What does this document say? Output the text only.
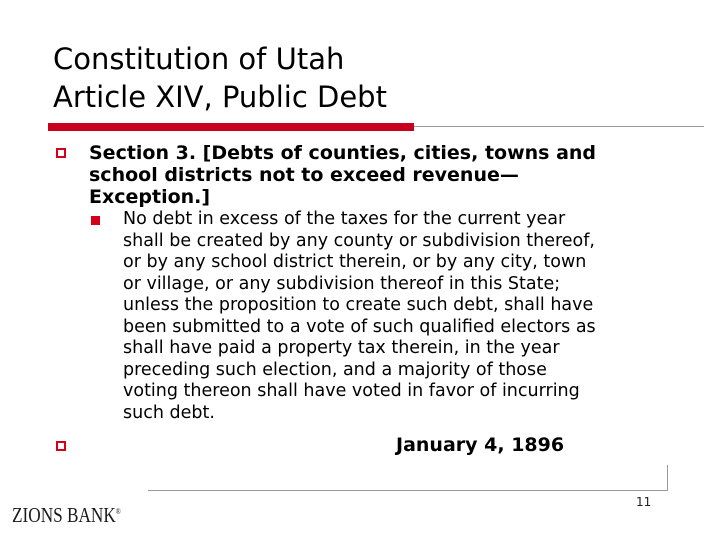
Constitution of Utah
Article XIV, Public Debt
Section 3. [Debts of counties, cities, towns and
school districts not to exceed revenue—
Exception.]
No debt in excess of the taxes for the current year
shall be created by any county or subdivision thereof,
or by any school district therein, or by any city, town
or village, or any subdivision thereof in this State;
unless the proposition to create such debt, shall have
been submitted to a vote of such qualified electors as
shall have paid a property tax therein, in the year
preceding such election, and a majority of those
voting thereon shall have voted in favor of incurring
such debt.
January 4, 1896
11
ZIONS BANK®
